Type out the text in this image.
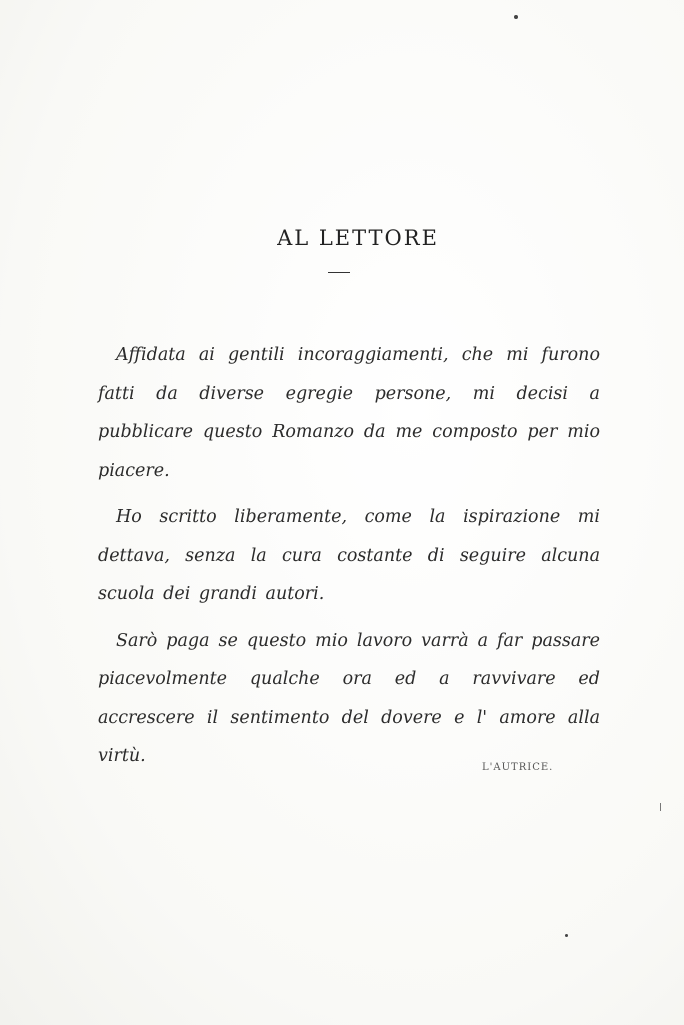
AL LETTORE

Affidata ai gentili incoraggiamenti, che mi furono fatti da diverse egregie persone, mi decisi a pubblicare questo Romanzo da me composto per mio piacere.

Ho scritto liberamente, come la ispirazione mi dettava, senza la cura costante di seguire alcuna scuola dei grandi autori.

Sarò paga se questo mio lavoro varrà a far passare piacevolmente qualche ora ed a ravvivare ed accrescere il sentimento del dovere e l' amore alla virtù.

L'AUTRICE.
